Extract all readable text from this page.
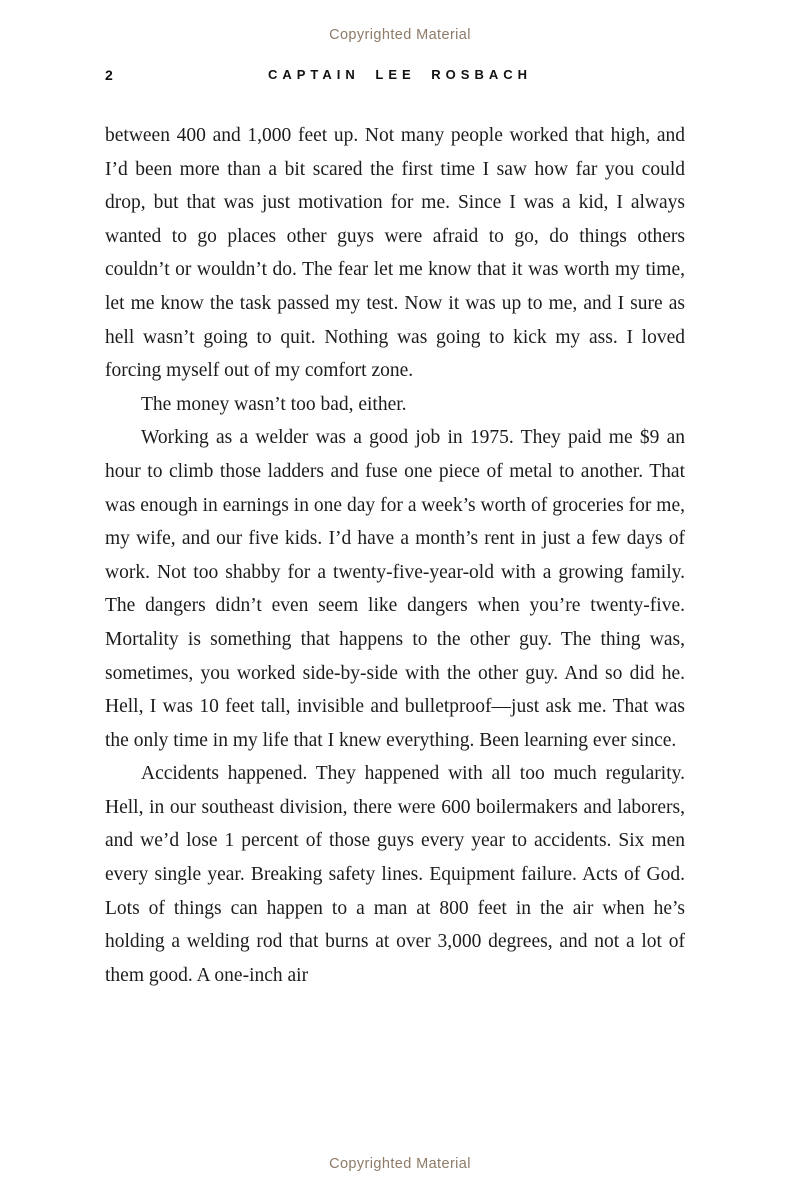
Copyrighted Material
2	CAPTAIN LEE ROSBACH

between 400 and 1,000 feet up. Not many people worked that high, and I’d been more than a bit scared the first time I saw how far you could drop, but that was just motivation for me. Since I was a kid, I always wanted to go places other guys were afraid to go, do things others couldn’t or wouldn’t do. The fear let me know that it was worth my time, let me know the task passed my test. Now it was up to me, and I sure as hell wasn’t going to quit. Nothing was going to kick my ass. I loved forcing myself out of my comfort zone.

The money wasn’t too bad, either.

Working as a welder was a good job in 1975. They paid me $9 an hour to climb those ladders and fuse one piece of metal to another. That was enough in earnings in one day for a week’s worth of groceries for me, my wife, and our five kids. I’d have a month’s rent in just a few days of work. Not too shabby for a twenty-five-year-old with a growing family. The dangers didn’t even seem like dangers when you’re twenty-five. Mortality is something that happens to the other guy. The thing was, sometimes, you worked side-by-side with the other guy. And so did he. Hell, I was 10 feet tall, invisible and bulletproof—just ask me. That was the only time in my life that I knew everything. Been learning ever since.

Accidents happened. They happened with all too much regularity. Hell, in our southeast division, there were 600 boilermakers and laborers, and we’d lose 1 percent of those guys every year to accidents. Six men every single year. Breaking safety lines. Equipment failure. Acts of God. Lots of things can happen to a man at 800 feet in the air when he’s holding a welding rod that burns at over 3,000 degrees, and not a lot of them good. A one-inch air

Copyrighted Material
